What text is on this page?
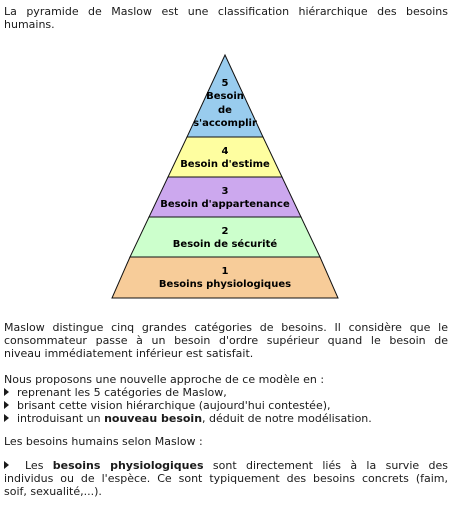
La pyramide de Maslow est une classification hiérarchique des besoins

humains.

5
Besoin
de
s'accomplir
4
Besoin d'estime
3
Besoin d'appartenance
2
Besoin de sécurité
1
Besoins physiologiques

Maslow distingue cinq grandes catégories de besoins. Il considère que le

consommateur passe à un besoin d'ordre supérieur quand le besoin de

niveau immédiatement inférieur est satisfait.

Nous proposons une nouvelle approche de ce modèle en :

reprenant les 5 catégories de Maslow,

brisant cette vision hiérarchique (aujourd'hui contestée),

introduisant un nouveau besoin, déduit de notre modélisation.

Les besoins humains selon Maslow :

Les besoins physiologiques sont directement liés à la survie des

individus ou de l'espèce. Ce sont typiquement des besoins concrets (faim,

soif, sexualité,...).
